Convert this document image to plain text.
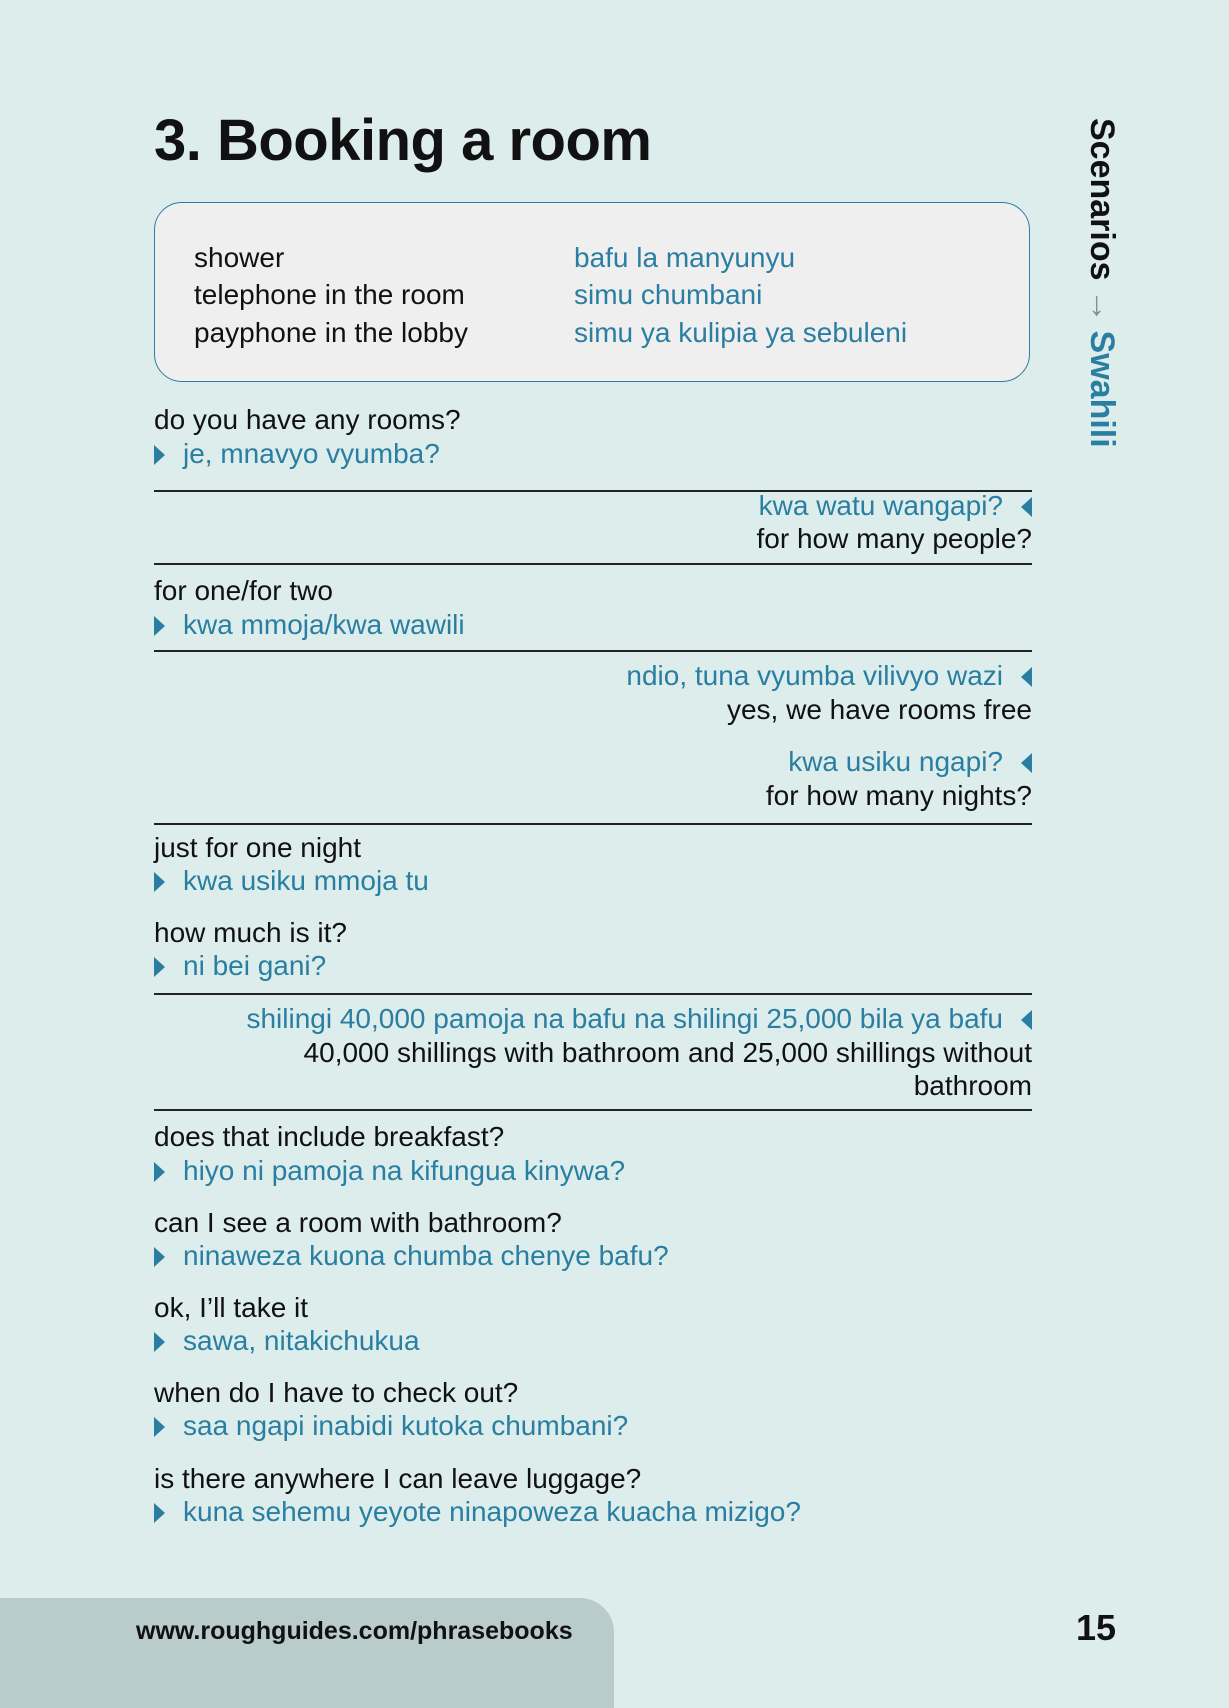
3. Booking a room	Scenarios→Swahili
shower	bafu la manyunyu
telephone in the room	simu chumbani
payphone in the lobby	simu ya kulipia ya sebuleni
do you have any rooms?
je, mnavyo vyumba?
kwa watu wangapi?
for how many people?
for one/for two
kwa mmoja/kwa wawili
ndio, tuna vyumba vilivyo wazi
yes, we have rooms free
kwa usiku ngapi?
for how many nights?
just for one night
kwa usiku mmoja tu
how much is it?
ni bei gani?
shilingi 40,000 pamoja na bafu na shilingi 25,000 bila ya bafu
40,000 shillings with bathroom and 25,000 shillings without bathroom
does that include breakfast?
hiyo ni pamoja na kifungua kinywa?
can I see a room with bathroom?
ninaweza kuona chumba chenye bafu?
ok, I’ll take it
sawa, nitakichukua
when do I have to check out?
saa ngapi inabidi kutoka chumbani?
is there anywhere I can leave luggage?
kuna sehemu yeyote ninapoweza kuacha mizigo?
www.roughguides.com/phrasebooks	15
